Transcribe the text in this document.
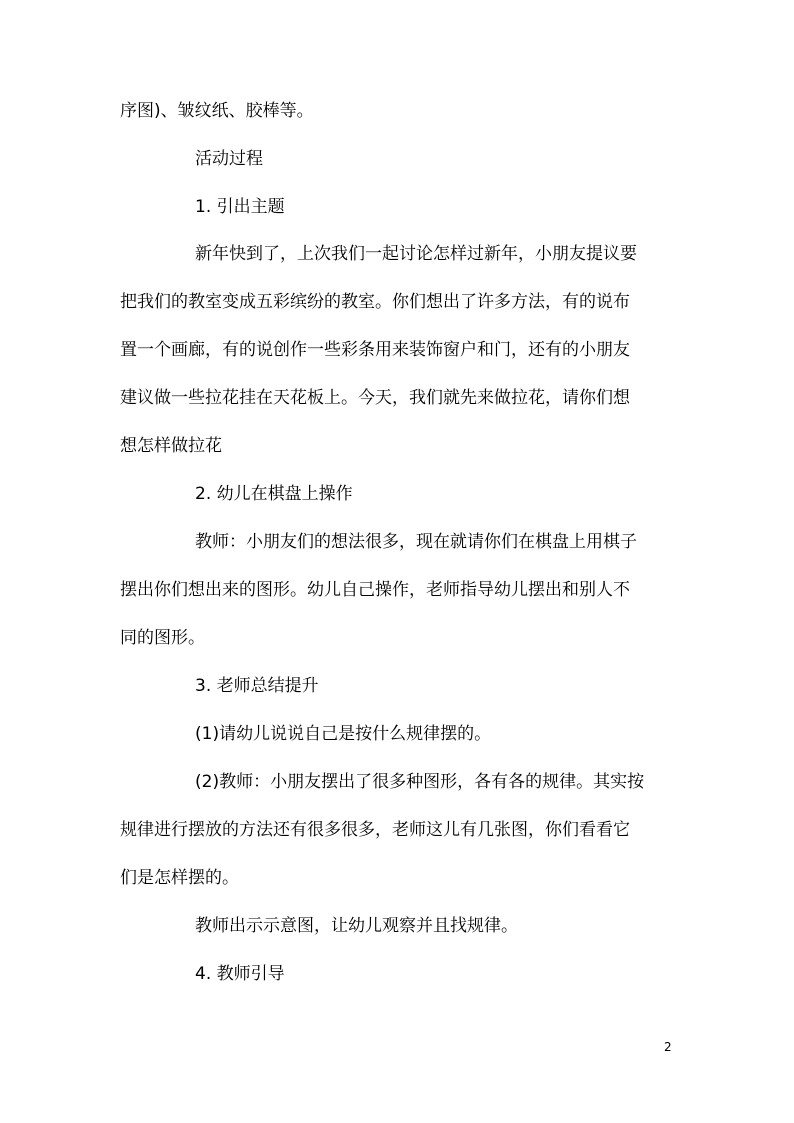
序图)、皱纹纸、胶棒等。
活动过程
1. 引出主题
新年快到了，上次我们一起讨论怎样过新年，小朋友提议要
把我们的教室变成五彩缤纷的教室。你们想出了许多方法，有的说布
置一个画廊，有的说创作一些彩条用来装饰窗户和门，还有的小朋友
建议做一些拉花挂在天花板上。今天，我们就先来做拉花，请你们想
想怎样做拉花
2. 幼儿在棋盘上操作
教师：小朋友们的想法很多，现在就请你们在棋盘上用棋子
摆出你们想出来的图形。幼儿自己操作，老师指导幼儿摆出和别人不
同的图形。
3. 老师总结提升
(1)请幼儿说说自己是按什么规律摆的。
(2)教师：小朋友摆出了很多种图形，各有各的规律。其实按
规律进行摆放的方法还有很多很多，老师这儿有几张图，你们看看它
们是怎样摆的。
教师出示示意图，让幼儿观察并且找规律。
4. 教师引导
2
